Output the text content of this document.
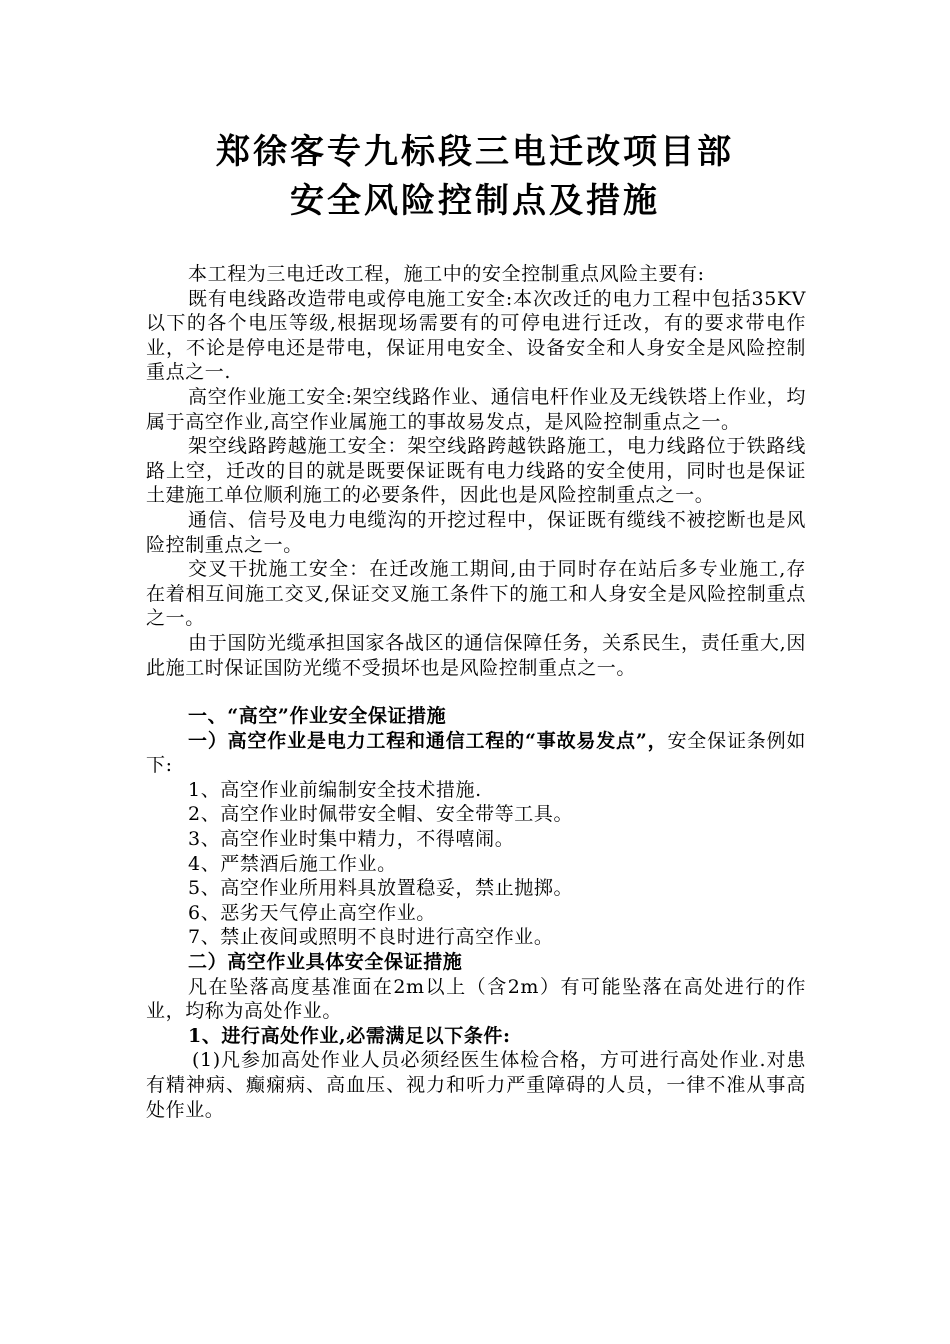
郑徐客专九标段三电迁改项目部
安全风险控制点及措施

本工程为三电迁改工程，施工中的安全控制重点风险主要有:

既有电线路改造带电或停电施工安全:本次改迁的电力工程中包括35KV以下的各个电压等级,根据现场需要有的可停电进行迁改，有的要求带电作业，不论是停电还是带电，保证用电安全、设备安全和人身安全是风险控制重点之一.

高空作业施工安全:架空线路作业、通信电杆作业及无线铁塔上作业，均属于高空作业,高空作业属施工的事故易发点，是风险控制重点之一。

架空线路跨越施工安全：架空线路跨越铁路施工，电力线路位于铁路线路上空，迁改的目的就是既要保证既有电力线路的安全使用，同时也是保证土建施工单位顺利施工的必要条件，因此也是风险控制重点之一。

通信、信号及电力电缆沟的开挖过程中，保证既有缆线不被挖断也是风险控制重点之一。

交叉干扰施工安全：在迁改施工期间,由于同时存在站后多专业施工,存在着相互间施工交叉,保证交叉施工条件下的施工和人身安全是风险控制重点之一。

由于国防光缆承担国家各战区的通信保障任务，关系民生，责任重大,因此施工时保证国防光缆不受损坏也是风险控制重点之一。

一、“高空”作业安全保证措施

一）高空作业是电力工程和通信工程的“事故易发点”，安全保证条例如下:

1、高空作业前编制安全技术措施.

2、高空作业时佩带安全帽、安全带等工具。

3、高空作业时集中精力，不得嘻闹。

4、严禁酒后施工作业。

5、高空作业所用料具放置稳妥，禁止抛掷。

6、恶劣天气停止高空作业。

7、禁止夜间或照明不良时进行高空作业。

二）高空作业具体安全保证措施

凡在坠落高度基准面在2m以上（含2m）有可能坠落在高处进行的作业，均称为高处作业。

1、进行高处作业,必需满足以下条件:

(1)凡参加高处作业人员必须经医生体检合格，方可进行高处作业.对患有精神病、癫痫病、高血压、视力和听力严重障碍的人员，一律不准从事高处作业。
